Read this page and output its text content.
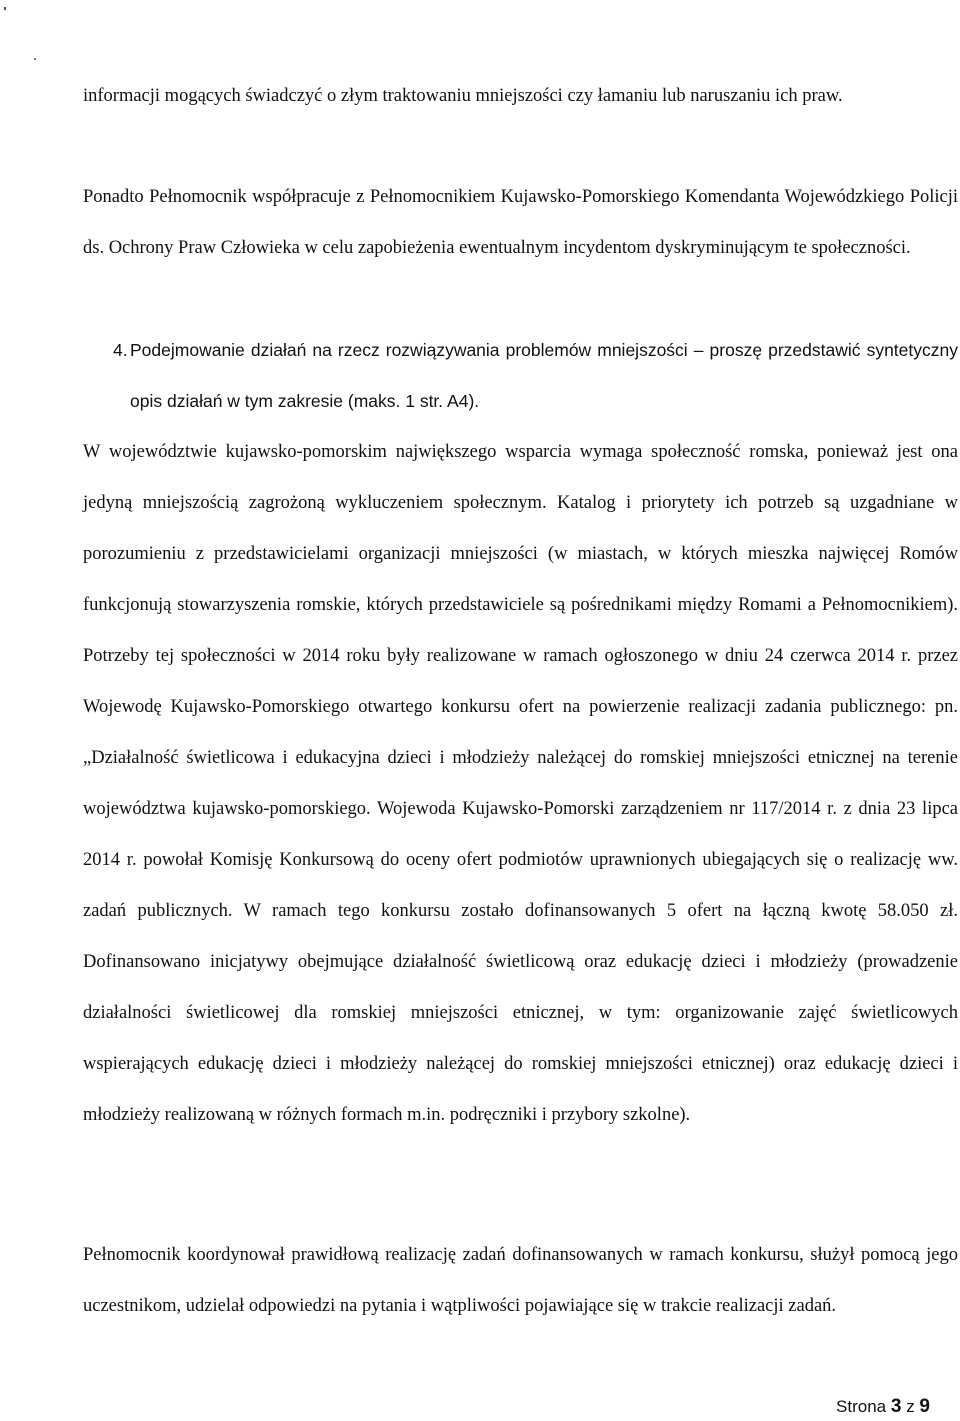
informacji mogących świadczyć o złym traktowaniu mniejszości czy łamaniu lub naruszaniu ich praw.

Ponadto Pełnomocnik współpracuje z Pełnomocnikiem Kujawsko-Pomorskiego Komendanta Wojewódzkiego Policji ds. Ochrony Praw Człowieka w celu zapobieżenia ewentualnym incydentom dyskryminującym te społeczności.

4. Podejmowanie działań na rzecz rozwiązywania problemów mniejszości – proszę przedstawić syntetyczny opis działań w tym zakresie (maks. 1 str. A4).

W województwie kujawsko-pomorskim największego wsparcia wymaga społeczność romska, ponieważ jest ona jedyną mniejszością zagrożoną wykluczeniem społecznym. Katalog i priorytety ich potrzeb są uzgadniane w porozumieniu z przedstawicielami organizacji mniejszości (w miastach, w których mieszka najwięcej Romów funkcjonują stowarzyszenia romskie, których przedstawiciele są pośrednikami między Romami a Pełnomocnikiem). Potrzeby tej społeczności w 2014 roku były realizowane w ramach ogłoszonego w dniu 24 czerwca 2014 r. przez Wojewodę Kujawsko-Pomorskiego otwartego konkursu ofert na powierzenie realizacji zadania publicznego: pn. „Działalność świetlicowa i edukacyjna dzieci i młodzieży należącej do romskiej mniejszości etnicznej na terenie województwa kujawsko-pomorskiego. Wojewoda Kujawsko-Pomorski zarządzeniem nr 117/2014 r. z dnia 23 lipca 2014 r. powołał Komisję Konkursową do oceny ofert podmiotów uprawnionych ubiegających się o realizację ww. zadań publicznych. W ramach tego konkursu zostało dofinansowanych 5 ofert na łączną kwotę 58.050 zł. Dofinansowano inicjatywy obejmujące działalność świetlicową oraz edukację dzieci i młodzieży (prowadzenie działalności świetlicowej dla romskiej mniejszości etnicznej, w tym: organizowanie zajęć świetlicowych wspierających edukację dzieci i młodzieży należącej do romskiej mniejszości etnicznej) oraz edukację dzieci i młodzieży realizowaną w różnych formach m.in. podręczniki i przybory szkolne).

Pełnomocnik koordynował prawidłową realizację zadań dofinansowanych w ramach konkursu, służył pomocą jego uczestnikom, udzielał odpowiedzi na pytania i wątpliwości pojawiające się w trakcie realizacji zadań.

Strona 3 z 9
